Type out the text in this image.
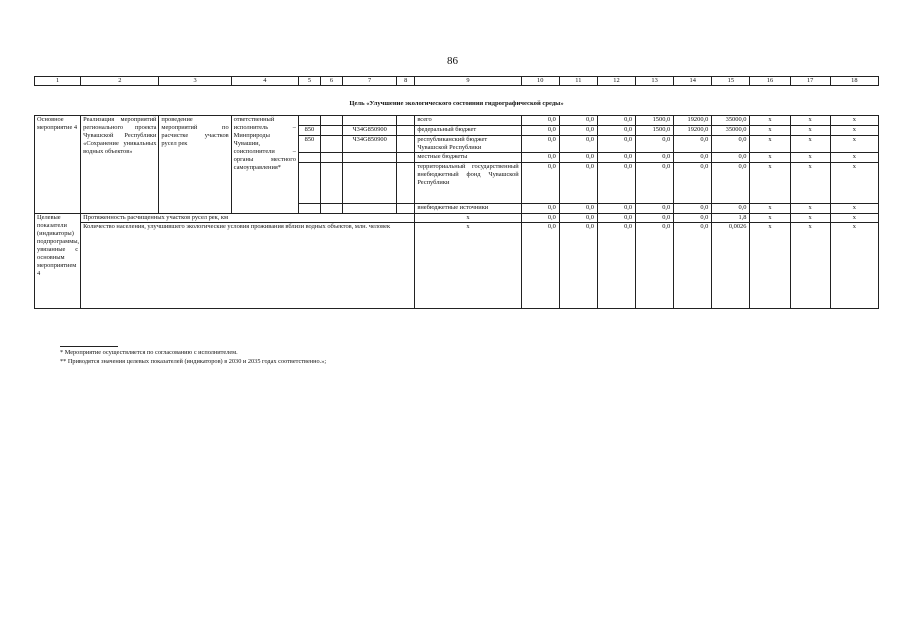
86
1	2	3	4	5	6	7	8	9	10	11	12	13	14	15	16	17	18
Цель «Улучшение экологического состояния гидрографической среды»																	
Основное мероприятие 4	Реализация мероприятий регионального проекта Чувашской Республики «Сохранение уникальных водных объектов»	проведение мероприятий по расчистке участков русел рек	ответственный исполнитель – Минприроды Чувашии, соисполнители – органы местного самоуправления*					всего	0,0	0,0	0,0	1500,0	19200,0	35000,0	x	x	x
				850		Ч34G850900		федеральный бюджет	0,0	0,0	0,0	1500,0	19200,0	35000,0	x	x	x
				850		Ч34G850900		республиканский бюджет Чувашской Республики	0,0	0,0	0,0	0,0	0,0	0,0	x	x	x
								местные бюджеты	0,0	0,0	0,0	0,0	0,0	0,0	x	x	x
								территориальный государственный внебюджетный фонд Чувашской Республики	0,0	0,0	0,0	0,0	0,0	0,0	x	x	x
								внебюджетные источники	0,0	0,0	0,0	0,0	0,0	0,0	x	x	x
Целевые показатели (индикаторы) подпрограммы, увязанные с основным мероприятием 4	Протяженность расчищенных участков русел рек, км							x	0,0	0,0	0,0	0,0	0,0	1,8	x	x	x
	Количество населения, улучшившего экологические условия проживания вблизи водных объектов, млн. человек							x	0,0	0,0	0,0	0,0	0,0	0,0026	x	x	x
* Мероприятие осуществляется по согласованию с исполнителем.
** Приводятся значения целевых показателей (индикаторов) в 2030 и 2035 годах соответственно.»;
